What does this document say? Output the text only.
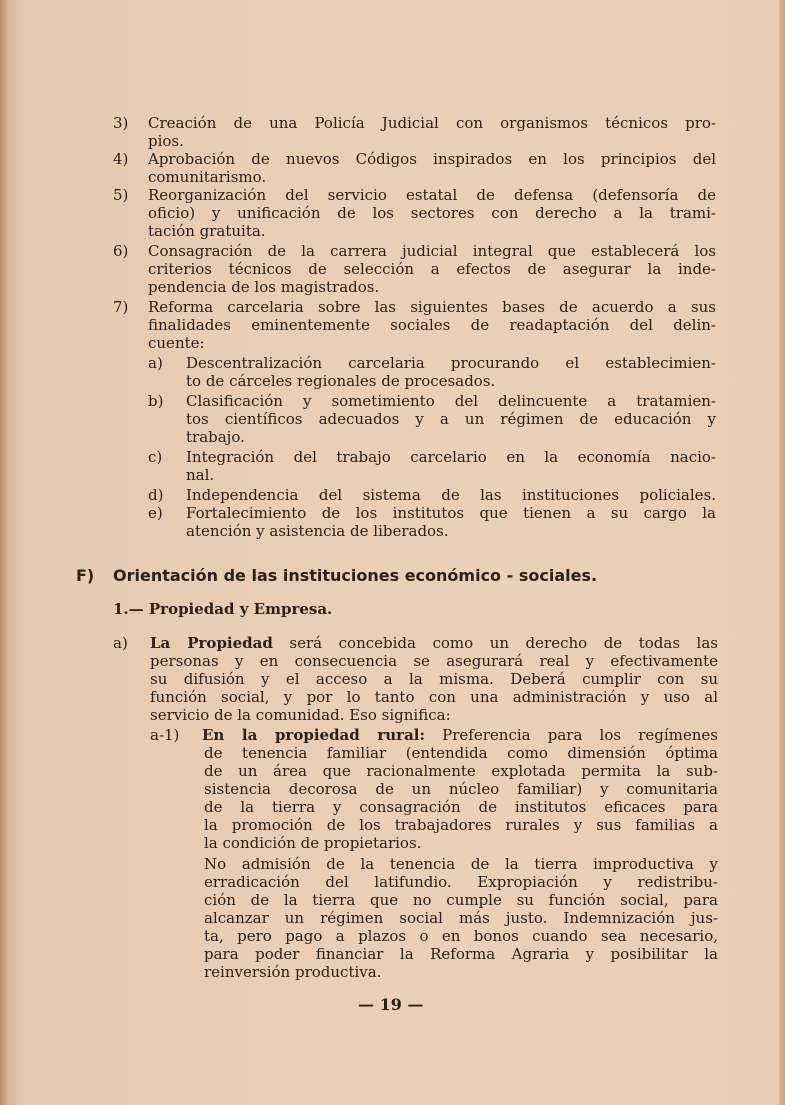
3) Creación de una Policía Judicial con organismos técnicos pro-
pios.
4) Aprobación de nuevos Códigos inspirados en los principios del
comunitarismo.
5) Reorganización del servicio estatal de defensa (defensoría de
oficio) y unificación de los sectores con derecho a la trami-
tación gratuita.
6) Consagración de la carrera judicial integral que establecerá los
criterios técnicos de selección a efectos de asegurar la inde-
pendencia de los magistrados.
7) Reforma carcelaria sobre las siguientes bases de acuerdo a sus
finalidades eminentemente sociales de readaptación del delin-
cuente:
a) Descentralización carcelaria procurando el establecimien-
to de cárceles regionales de procesados.
b) Clasificación y sometimiento del delincuente a tratamien-
tos científicos adecuados y a un régimen de educación y
trabajo.
c) Integración del trabajo carcelario en la economía nacio-
nal.
d) Independencia del sistema de las instituciones policiales.
e) Fortalecimiento de los institutos que tienen a su cargo la
atención y asistencia de liberados.
F) Orientación de las instituciones económico - sociales.
1.— Propiedad y Empresa.
a) La Propiedad será concebida como un derecho de todas las
personas y en consecuencia se asegurará real y efectivamente
su difusión y el acceso a la misma. Deberá cumplir con su
función social, y por lo tanto con una administración y uso al
servicio de la comunidad. Eso significa:
a-1) En la propiedad rural: Preferencia para los regímenes
de tenencia familiar (entendida como dimensión óptima
de un área que racionalmente explotada permita la sub-
sistencia decorosa de un núcleo familiar) y comunitaria
de la tierra y consagración de institutos eficaces para
la promoción de los trabajadores rurales y sus familias a
la condición de propietarios.
No admisión de la tenencia de la tierra improductiva y
erradicación del latifundio. Expropiación y redistribu-
ción de la tierra que no cumple su función social, para
alcanzar un régimen social más justo. Indemnización jus-
ta, pero pago a plazos o en bonos cuando sea necesario,
para poder financiar la Reforma Agraria y posibilitar la
reinversión productiva.
— 19 —
